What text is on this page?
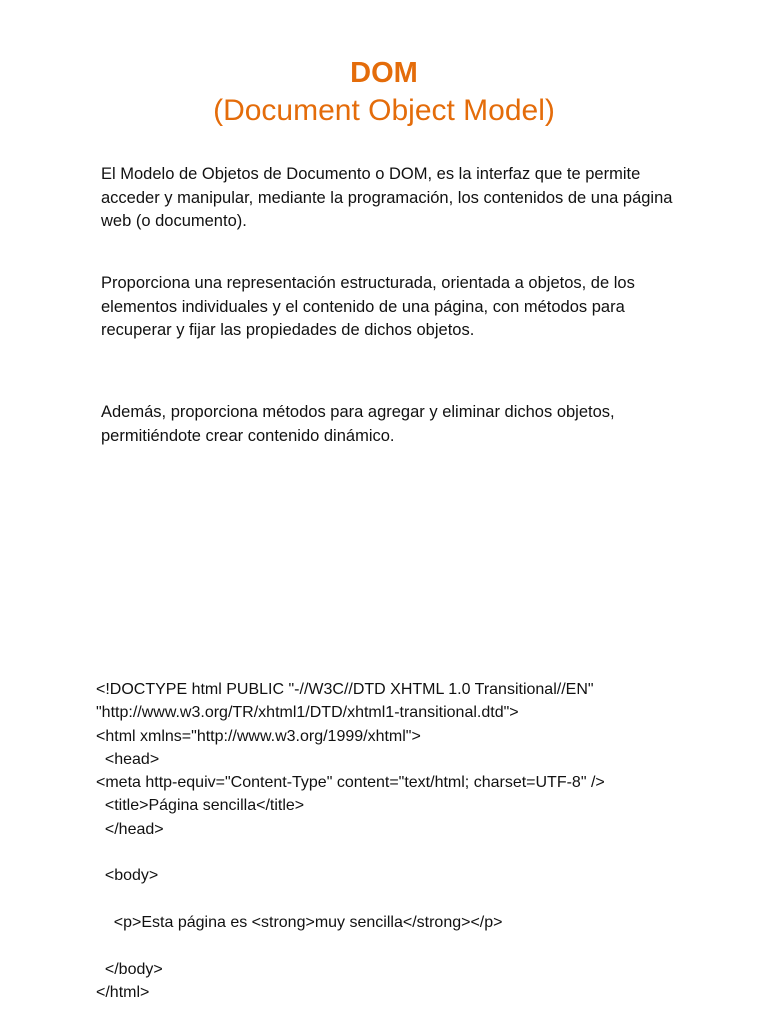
DOM
(Document Object Model)

El Modelo de Objetos de Documento o DOM, es la interfaz que te permite acceder y manipular, mediante la programación, los contenidos de una página web (o documento).

Proporciona una representación estructurada, orientada a objetos, de los elementos individuales y el contenido de una página, con métodos para recuperar y fijar las propiedades de dichos objetos.

Además, proporciona métodos para agregar y eliminar dichos objetos, permitiéndote crear contenido dinámico.

<!DOCTYPE html PUBLIC "-//W3C//DTD XHTML 1.0 Transitional//EN"
"http://www.w3.org/TR/xhtml1/DTD/xhtml1-transitional.dtd">
<html xmlns="http://www.w3.org/1999/xhtml">
<head>
<meta http-equiv="Content-Type" content="text/html; charset=UTF-8" />
<title>Página sencilla</title>
</head>
<body>
<p>Esta página es <strong>muy sencilla</strong></p>
</body>
</html>
